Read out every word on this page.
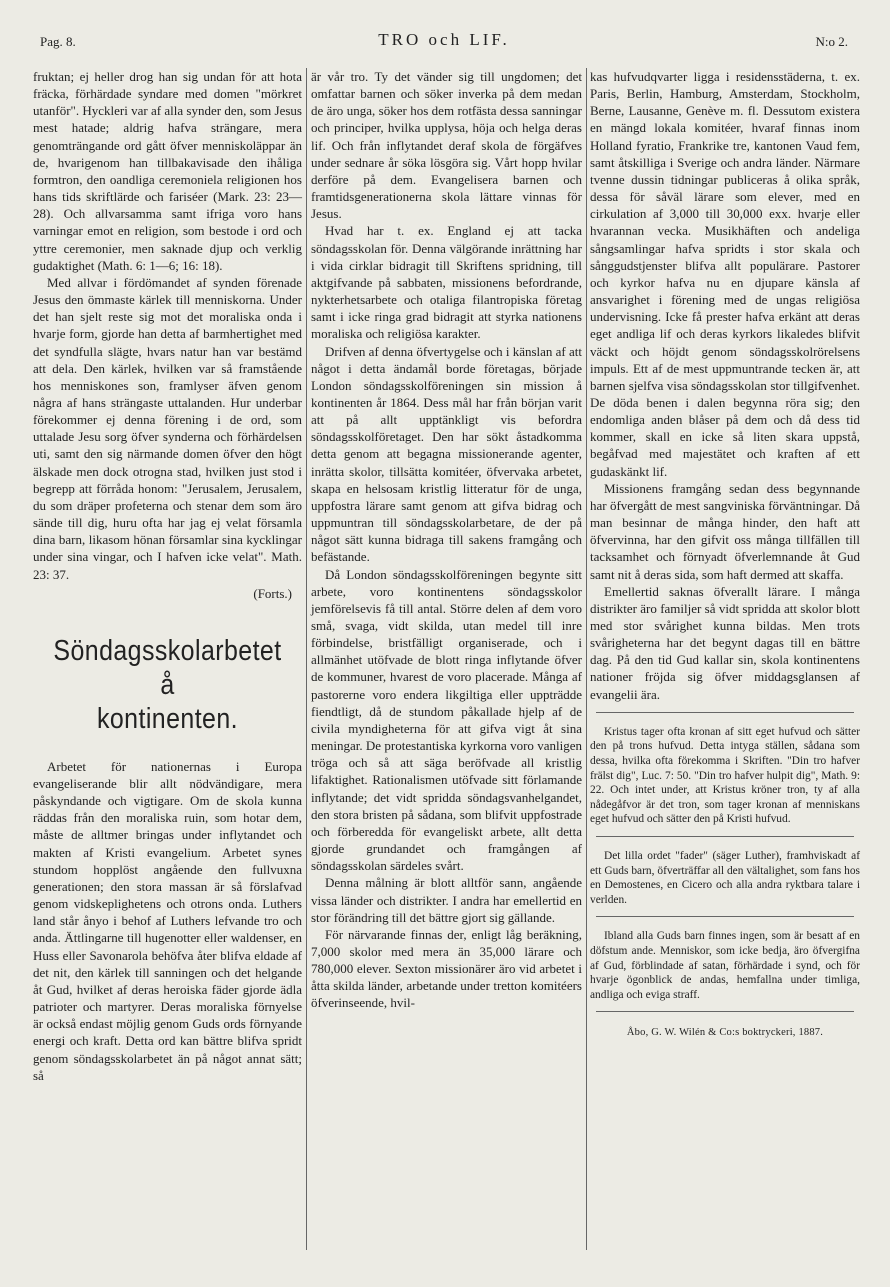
Pag. 8.	TRO och LIF.	N:o 2.

fruktan; ej heller drog han sig undan för att hota fräcka, förhärdade syndare med domen "mörkret utanför". Hyckleri var af alla synder den, som Jesus mest hatade; aldrig hafva strängare, mera genomträngande ord gått öfver menniskoläppar än de, hvarigenom han tillbakavisade den ihåliga formtron, den oandliga ceremoniela religionen hos hans tids skriftlärde och fariséer (Mark. 23: 23—28). Och allvarsamma samt ifriga voro hans varningar emot en religion, som bestode i ord och yttre ceremonier, men saknade djup och verklig gudaktighet (Math. 6: 1—6; 16: 18).

Med allvar i fördömandet af synden förenade Jesus den ömmaste kärlek till menniskorna. Under det han sjelt reste sig mot det moraliska onda i hvarje form, gjorde han detta af barmhertighet med det syndfulla slägte, hvars natur han var bestämd att dela. Den kärlek, hvilken var så framstående hos menniskones son, framlyser äfven genom några af hans strängaste uttalanden. Hur underbar förekommer ej denna förening i de ord, som uttalade Jesu sorg öfver synderna och förhärdelsen uti, samt den sig närmande domen öfver den högt älskade men dock otrogna stad, hvilken just stod i begrepp att förråda honom: "Jerusalem, Jerusalem, du som dräper profeterna och stenar dem som äro sände till dig, huru ofta har jag ej velat församla dina barn, likasom hönan församlar sina kycklingar under sina vingar, och I hafven icke velat". Math. 23: 37.

(Forts.)

Söndagsskolarbetet å
kontinenten.

Arbetet för nationernas i Europa evangeliserande blir allt nödvändigare, mera påskyndande och vigtigare. Om de skola kunna räddas från den moraliska ruin, som hotar dem, måste de alltmer bringas under inflytandet och makten af Kristi evangelium. Arbetet synes stundom hopplöst angående den fullvuxna generationen; den stora massan är så förslafvad genom vidskeplighetens och otrons onda. Luthers land står ånyo i behof af Luthers lefvande tro och anda. Ättlingarne till hugenotter eller waldenser, en Huss eller Savonarola behöfva åter blifva eldade af det nit, den kärlek till sanningen och det helgande åt Gud, hvilket af deras heroiska fäder gjorde ädla patrioter och martyrer. Deras moraliska förnyelse är också endast möjlig genom Guds ords förnyande energi och kraft. Detta ord kan bättre blifva spridt genom söndagsskolarbetet än på något annat sätt; så

är vår tro. Ty det vänder sig till ungdomen; det omfattar barnen och söker inverka på dem medan de äro unga, söker hos dem rotfästa dessa sanningar och principer, hvilka upplysa, höja och helga deras lif. Och från inflytandet deraf skola de förgäfves under sednare år söka lösgöra sig. Vårt hopp hvilar derföre på dem. Evangelisera barnen och framtidsgenerationerna skola lättare vinnas för Jesus.

Hvad har t. ex. England ej att tacka söndagsskolan för. Denna välgörande inrättning har i vida cirklar bidragit till Skriftens spridning, till aktgifvande på sabbaten, missionens befordrande, nykterhetsarbete och otaliga filantropiska företag samt i icke ringa grad bidragit att styrka nationens moraliska och religiösa karakter.

Drifven af denna öfvertygelse och i känslan af att något i detta ändamål borde företagas, började London söndagsskolföreningen sin mission å kontinenten år 1864. Dess mål har från början varit att på allt upptänkligt vis befordra söndagsskolföretaget. Den har sökt åstadkomma detta genom att begagna missionerande agenter, inrätta skolor, tillsätta komitéer, öfvervaka arbetet, skapa en helsosam kristlig litteratur för de unga, uppfostra lärare samt genom att gifva bidrag och uppmuntran till söndagsskolarbetare, de der på något sätt kunna bidraga till sakens framgång och befästande.

Då London söndagsskolföreningen begynte sitt arbete, voro kontinentens söndagsskolor jemförelsevis få till antal. Större delen af dem voro små, svaga, vidt skilda, utan medel till inre förbindelse, bristfälligt organiserade, och i allmänhet utöfvade de blott ringa inflytande öfver de kommuner, hvarest de voro placerade. Många af pastorerne voro endera likgiltiga eller uppträdde fiendtligt, då de stundom påkallade hjelp af de civila myndigheterna för att gifva vigt åt sina meningar. De protestantiska kyrkorna voro vanligen tröga och så att säga beröfvade all kristlig lifaktighet. Rationalismen utöfvade sitt förlamande inflytande; det vidt spridda söndagsvanhelgandet, den stora bristen på sådana, som blifvit uppfostrade och förberedda för evangeliskt arbete, allt detta gjorde grundandet och framgången af söndagsskolan särdeles svårt.

Denna målning är blott alltför sann, angående vissa länder och distrikter. I andra har emellertid en stor förändring till det bättre gjort sig gällande.

För närvarande finnas der, enligt låg beräkning, 7,000 skolor med mera än 35,000 lärare och 780,000 elever. Sexton missionärer äro vid arbetet i åtta skilda länder, arbetande under tretton komitéers öfverinseende, hvil-

kas hufvudqvarter ligga i residensstäderna, t. ex. Paris, Berlin, Hamburg, Amsterdam, Stockholm, Berne, Lausanne, Genève m. fl. Dessutom existera en mängd lokala komitéer, hvaraf finnas inom Holland fyratio, Frankrike tre, kantonen Vaud fem, samt åtskilliga i Sverige och andra länder. Närmare tvenne dussin tidningar publiceras å olika språk, dessa för såväl lärare som elever, med en cirkulation af 3,000 till 30,000 exx. hvarje eller hvarannan vecka. Musikhäften och andeliga sångsamlingar hafva spridts i stor skala och sånggudstjenster blifva allt populärare. Pastorer och kyrkor hafva nu en djupare känsla af ansvarighet i förening med de ungas religiösa undervisning. Icke få prester hafva erkänt att deras eget andliga lif och deras kyrkors likaledes blifvit väckt och höjdt genom söndagsskolrörelsens impuls. Ett af de mest uppmuntrande tecken är, att barnen sjelfva visa söndagsskolan stor tillgifvenhet. De döda benen i dalen begynna röra sig; den endomliga anden blåser på dem och då dess tid kommer, skall en icke så liten skara uppstå, begåfvad med majestätet och kraften af ett gudaskänkt lif.

Missionens framgång sedan dess begynnande har öfvergått de mest sangviniska förväntningar. Då man besinnar de många hinder, den haft att öfvervinna, har den gifvit oss många tillfällen till tacksamhet och förnyadt öfverlemnande åt Gud samt nit å deras sida, som haft dermed att skaffa.

Emellertid saknas öfverallt lärare. I många distrikter äro familjer så vidt spridda att skolor blott med stor svårighet kunna bildas. Men trots svårigheterna har det begynt dagas till en bättre dag. På den tid Gud kallar sin, skola kontinentens nationer fröjda sig öfver middagsglansen af evangelii ära.

Kristus tager ofta kronan af sitt eget hufvud och sätter den på trons hufvud. Detta intyga ställen, sådana som dessa, hvilka ofta förekomma i Skriften. "Din tro hafver frälst dig", Luc. 7: 50. "Din tro hafver hulpit dig", Math. 9: 22. Och intet under, att Kristus kröner tron, ty af alla nådegåfvor är det tron, som tager kronan af menniskans eget hufvud och sätter den på Kristi hufvud.

Det lilla ordet "fader" (säger Luther), framhviskadt af ett Guds barn, öfverträffar all den vältalighet, som fans hos en Demostenes, en Cicero och alla andra ryktbara talare i verlden.

Ibland alla Guds barn finnes ingen, som är besatt af en döfstum ande. Menniskor, som icke bedja, äro öfvergifna af Gud, förblindade af satan, förhärdade i synd, och för hvarje ögonblick de andas, hemfallna under timliga, andliga och eviga straff.

Åbo, G. W. Wilén & Co:s boktryckeri, 1887.
